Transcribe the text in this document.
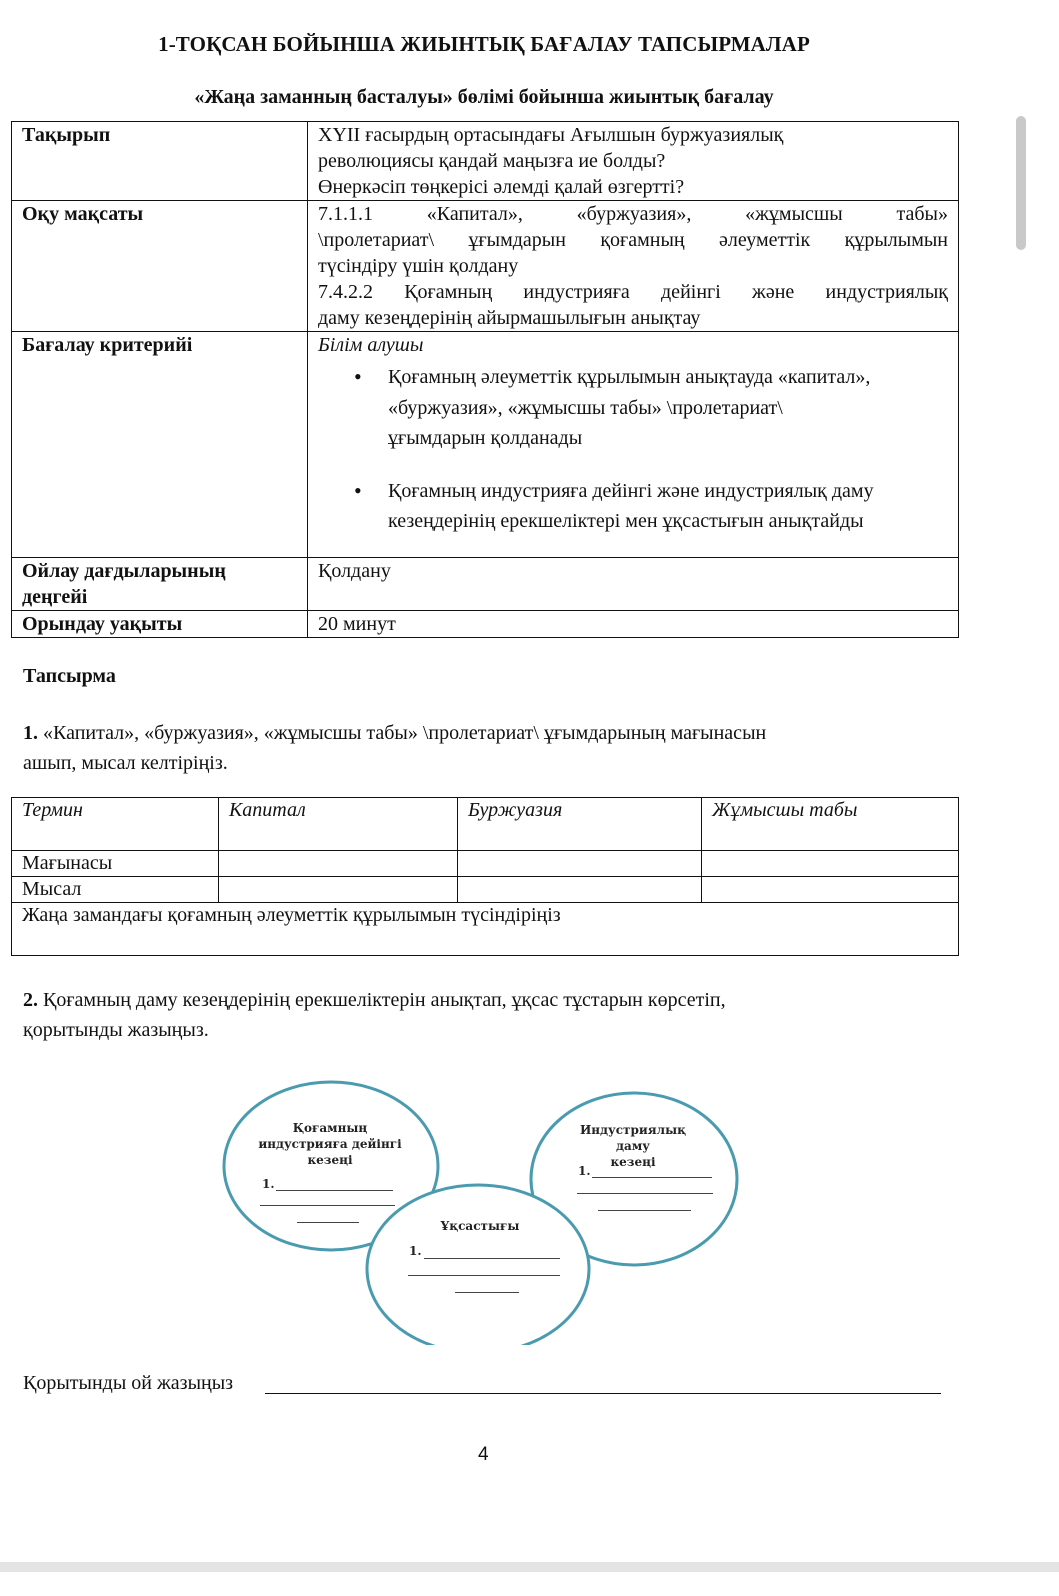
1-ТОҚСАН БОЙЫНША ЖИЫНТЫҚ БАҒАЛАУ ТАПСЫРМАЛАР
«Жаңа заманның басталуы» бөлімі бойынша жиынтық бағалау
Тақырып	XYII ғасырдың ортасындағы Ағылшын буржуазиялық
революциясы қандай маңызға ие болды?
Өнеркәсіп төңкерісі әлемді қалай өзгертті?

Оқу мақсаты	7.1.1.1 «Капитал», «буржуазия», «жұмысшы табы»
\пролетариат\ ұғымдарын қоғамның әлеуметтік құрылымын
түсіндіру үшін қолдану
7.4.2.2 Қоғамның индустрияға дейінгі және индустриялық
даму кезеңдерінің айырмашылығын анықтау

Бағалау критерийі	Білім алушы
• Қоғамның әлеуметтік құрылымын анықтауда «капитал»,
«буржуазия», «жұмысшы табы» \пролетариат\
ұғымдарын қолданады
• Қоғамның индустрияға дейінгі және индустриялық даму
кезеңдерінің ерекшеліктері мен ұқсастығын анықтайды

Ойлау дағдыларының
деңгейі	Қолдану
Орындау уақыты	20 минут
Тапсырма
1. «Капитал», «буржуазия», «жұмысшы табы» \пролетариат\ ұғымдарының мағынасын
ашып, мысал келтіріңіз.
Термин	Капитал	Буржуазия	Жұмысшы табы
Мағынасы			
Мысал			
Жаңа замандағы қоғамның әлеуметтік құрылымын түсіндіріңіз			
2. Қоғамның даму кезеңдерінің ерекшеліктерін анықтап, ұқсас тұстарын көрсетіп,
қорытынды жазыңыз.
Қоғамның
индустрияға дейінгі
кезеңі
1.
Индустриялық даму
кезеңі
1.
Ұқсастығы
1.
Қорытынды ой жазыңыз
4
